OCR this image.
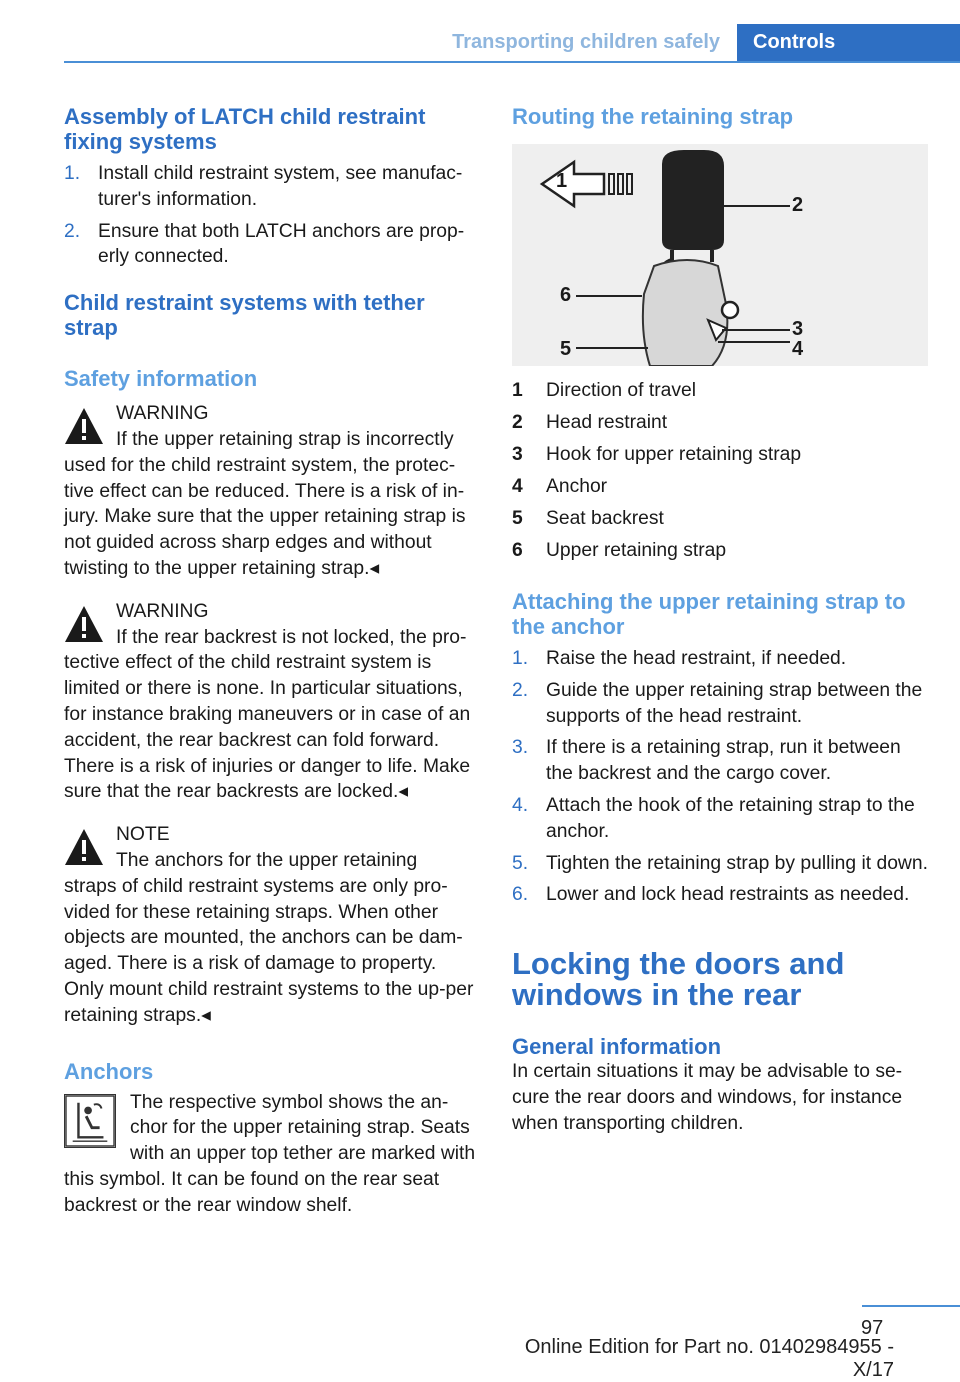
Transporting children safely Controls
Assembly of LATCH child restraint fixing systems
1. Install child restraint system, see manufac‐turer's information.
2. Ensure that both LATCH anchors are prop‐erly connected.
Child restraint systems with tether strap
Safety information
WARNING

If the upper retaining strap is incorrectly

used for the child restraint system, the protec‐tive effect can be reduced. There is a risk of in‐jury. Make sure that the upper retaining strap is not guided across sharp edges and without twisting to the upper retaining strap.◂

WARNING

If the rear backrest is not locked, the pro‐

tective effect of the child restraint system is limited or there is none. In particular situations, for instance braking maneuvers or in case of an accident, the rear backrest can fold forward. There is a risk of injuries or danger to life. Make sure that the rear backrests are locked.◂

NOTE

The anchors for the upper retaining

straps of child restraint systems are only pro‐vided for these retaining straps. When other objects are mounted, the anchors can be dam‐aged. There is a risk of damage to property. Only mount child restraint systems to the up‐per retaining straps.◂

Anchors

The respective symbol shows the an‐chor for the upper retaining strap. Seats with an upper top tether are marked with this symbol. It can be found on the rear seat backrest or the rear window shelf.

Routing the retaining strap
1
2
3
4
5
6
1	Direction of travel
2	Head restraint
3	Hook for upper retaining strap
4	Anchor
5	Seat backrest
6	Upper retaining strap
Attaching the upper retaining strap to the anchor
1. Raise the head restraint, if needed.
2. Guide the upper retaining strap between the supports of the head restraint.
3. If there is a retaining strap, run it between the backrest and the cargo cover.
4. Attach the hook of the retaining strap to the anchor.
5. Tighten the retaining strap by pulling it down.
6. Lower and lock head restraints as needed.
Locking the doors and windows in the rear
General information

In certain situations it may be advisable to se‐cure the rear doors and windows, for instance when transporting children.

97
Online Edition for Part no. 01402984955 - X/17
